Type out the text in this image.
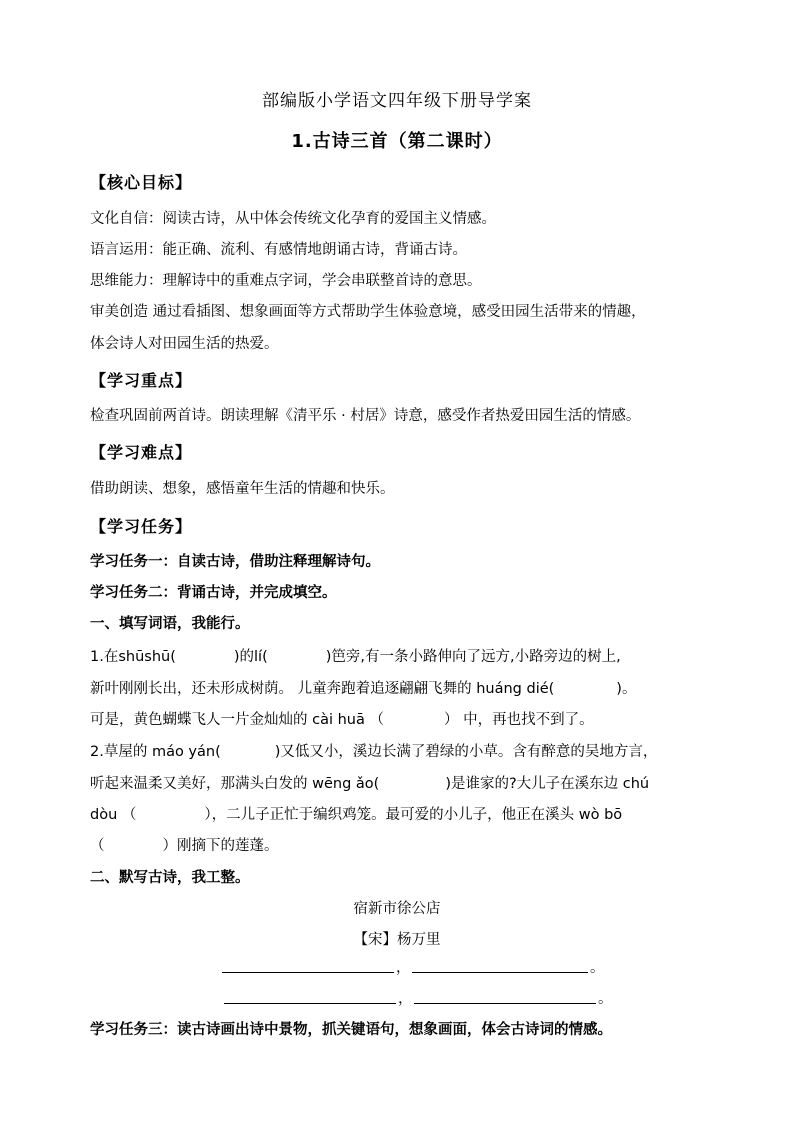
部编版小学语文四年级下册导学案
1.古诗三首（第二课时）
【核心目标】
文化自信：阅读古诗，从中体会传统文化孕育的爱国主义情感。
语言运用：能正确、流利、有感情地朗诵古诗，背诵古诗。
思维能力：理解诗中的重难点字词，学会串联整首诗的意思。
审美创造 通过看插图、想象画面等方式帮助学生体验意境，感受田园生活带来的情趣，
体会诗人对田园生活的热爱。
【学习重点】
检查巩固前两首诗。朗读理解《清平乐 · 村居》诗意，感受作者热爱田园生活的情感。
【学习难点】
借助朗读、想象，感悟童年生活的情趣和快乐。
【学习任务】
学习任务一：自读古诗，借助注释理解诗句。
学习任务二：背诵古诗，并完成填空。
一、填写词语，我能行。
1.在shūshū(	)的lí(	)笆旁,有一条小路伸向了远方,小路旁边的树上,
新叶刚刚长出，还未形成树荫。 儿童奔跑着追逐翩翩飞舞的 huáng dié(	)。
可是，黄色蝴蝶飞人一片金灿灿的 cài huā （	） 中，再也找不到了。
2.草屋的 máo yán(	)又低又小，溪边长满了碧绿的小草。含有醉意的吴地方言，
听起来温柔又美好，那满头白发的 wēng ǎo(	)是谁家的?大儿子在溪东边 chú
dòu （	），二儿子正忙于编织鸡笼。最可爱的小儿子，他正在溪头 wò bō
（	）刚摘下的莲蓬。
二、默写古诗，我工整。
宿新市徐公店
【宋】杨万里
，	。
，	。
学习任务三：读古诗画出诗中景物，抓关键语句，想象画面，体会古诗词的情感。
